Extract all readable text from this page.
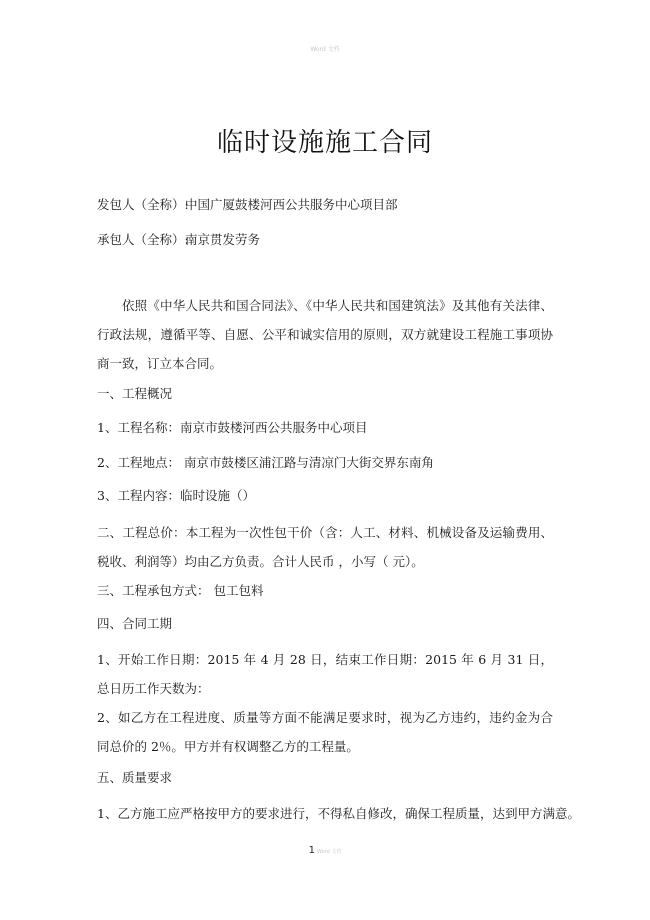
Word 文档
临时设施施工合同
发包人（全称）:中国广厦鼓楼河西公共服务中心项目部
承包人（全称）:南京贯发劳务
依照《中华人民共和国合同法》、《中华人民共和国建筑法》及其他有关法律、行政法规，遵循平等、自愿、公平和诚实信用的原则，双方就建设工程施工事项协商一致，订立本合同。
一、工程概况
1、工程名称：南京市鼓楼河西公共服务中心项目
2、工程地点： 南京市鼓楼区浦江路与清凉门大街交界东南角
3、工程内容：临时设施（）
二、工程总价：本工程为一次性包干价（含：人工、材料、机械设备及运输费用、税收、利润等）均由乙方负责。合计人民币 ，小写（ 元）。
三、工程承包方式： 包工包料
四、合同工期
1、开始工作日期：2015 年 4 月 28 日，结束工作日期：2015 年 6 月 31 日，总日历工作天数为：
2、如乙方在工程进度、质量等方面不能满足要求时，视为乙方违约，违约金为合同总价的 2％。甲方并有权调整乙方的工程量。
五、质量要求
1、乙方施工应严格按甲方的要求进行，不得私自修改，确保工程质量，达到甲方满意。
1 Word 文档
